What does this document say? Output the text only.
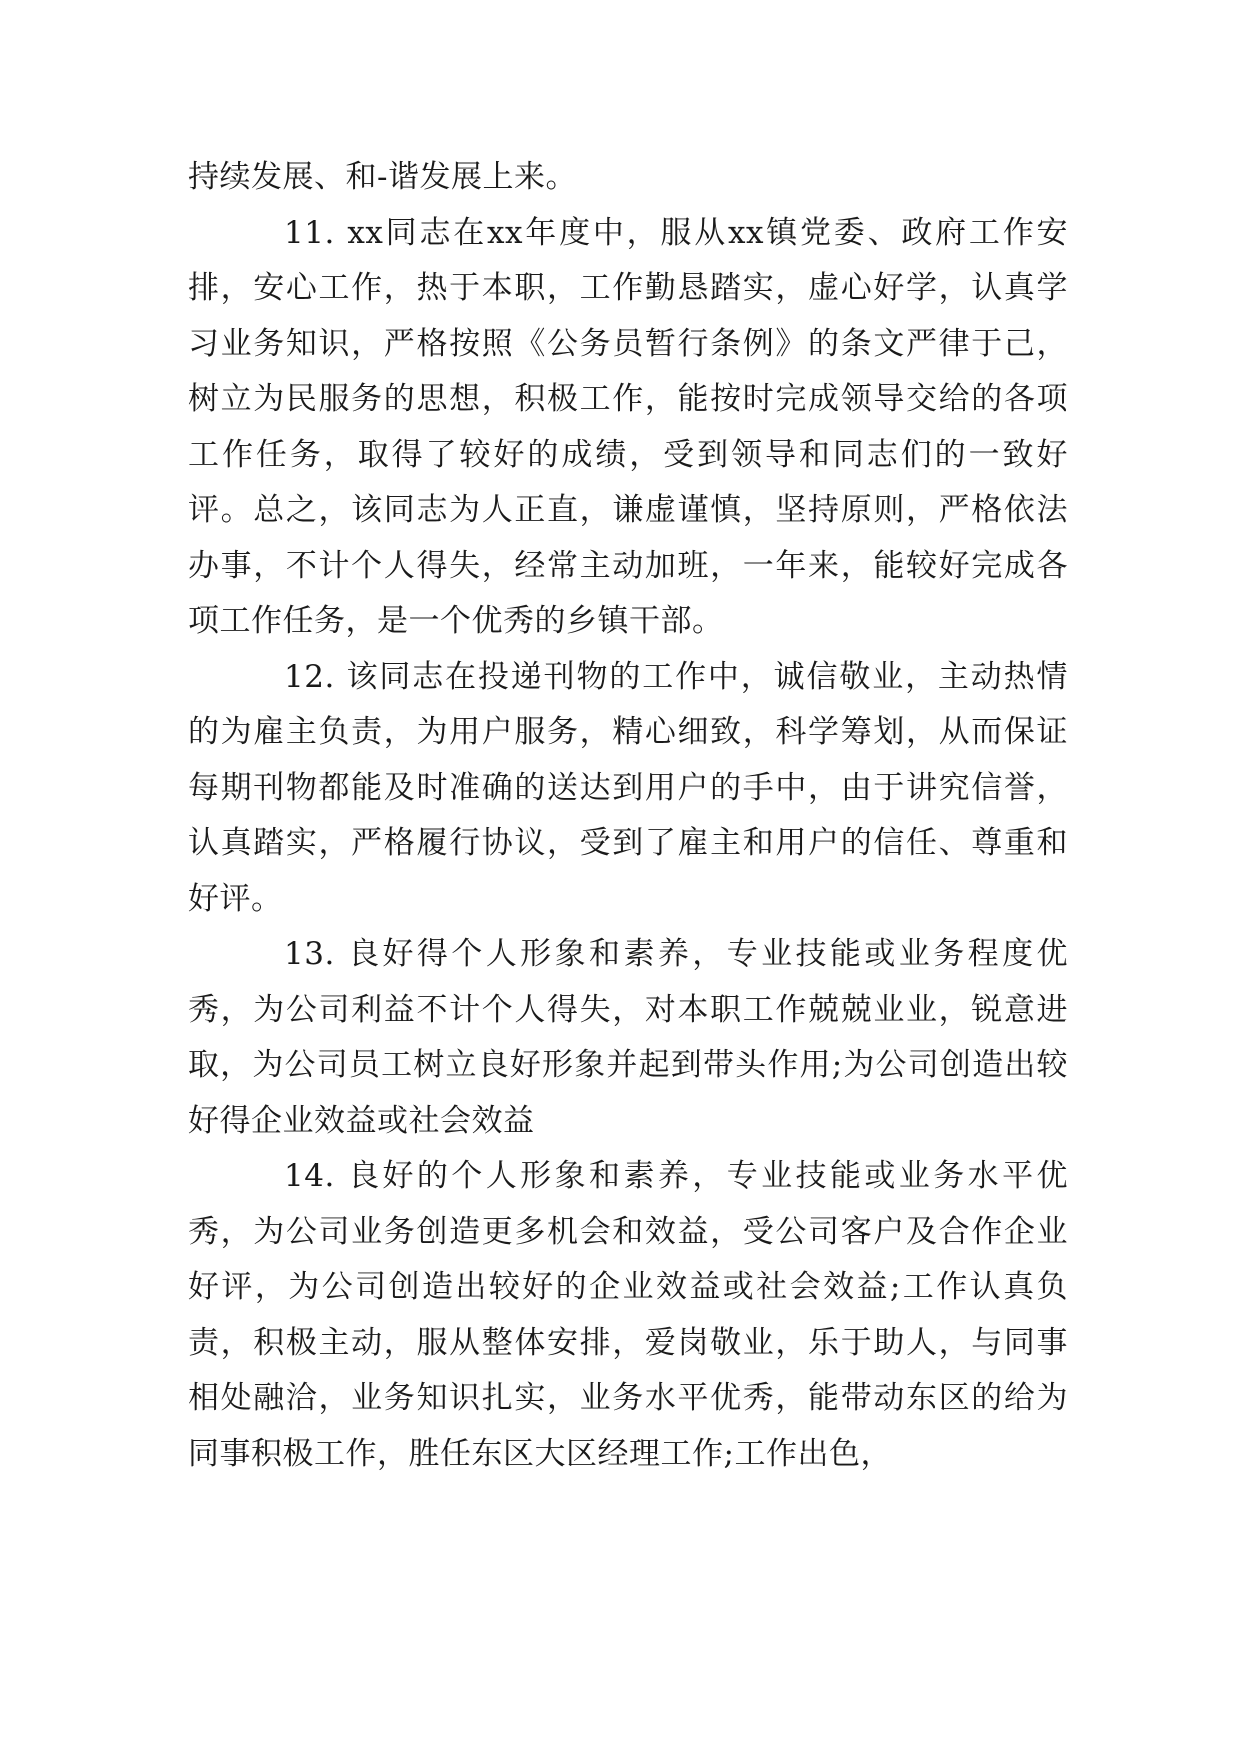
持续发展、和-谐发展上来。

11. xx同志在xx年度中，服从xx镇党委、政府工作安排，安心工作，热于本职，工作勤恳踏实，虚心好学，认真学习业务知识，严格按照《公务员暂行条例》的条文严律于己，树立为民服务的思想，积极工作，能按时完成领导交给的各项工作任务，取得了较好的成绩，受到领导和同志们的一致好评。总之，该同志为人正直，谦虚谨慎，坚持原则，严格依法办事，不计个人得失，经常主动加班，一年来，能较好完成各项工作任务，是一个优秀的乡镇干部。

12. 该同志在投递刊物的工作中，诚信敬业，主动热情的为雇主负责，为用户服务，精心细致，科学筹划，从而保证每期刊物都能及时准确的送达到用户的手中，由于讲究信誉，认真踏实，严格履行协议，受到了雇主和用户的信任、尊重和好评。

13. 良好得个人形象和素养，专业技能或业务程度优秀，为公司利益不计个人得失，对本职工作兢兢业业，锐意进取，为公司员工树立良好形象并起到带头作用;为公司创造出较好得企业效益或社会效益

14. 良好的个人形象和素养，专业技能或业务水平优秀，为公司业务创造更多机会和效益，受公司客户及合作企业好评，为公司创造出较好的企业效益或社会效益;工作认真负责，积极主动，服从整体安排，爱岗敬业，乐于助人，与同事相处融洽，业务知识扎实，业务水平优秀，能带动东区的给为同事积极工作，胜任东区大区经理工作;工作出色，
